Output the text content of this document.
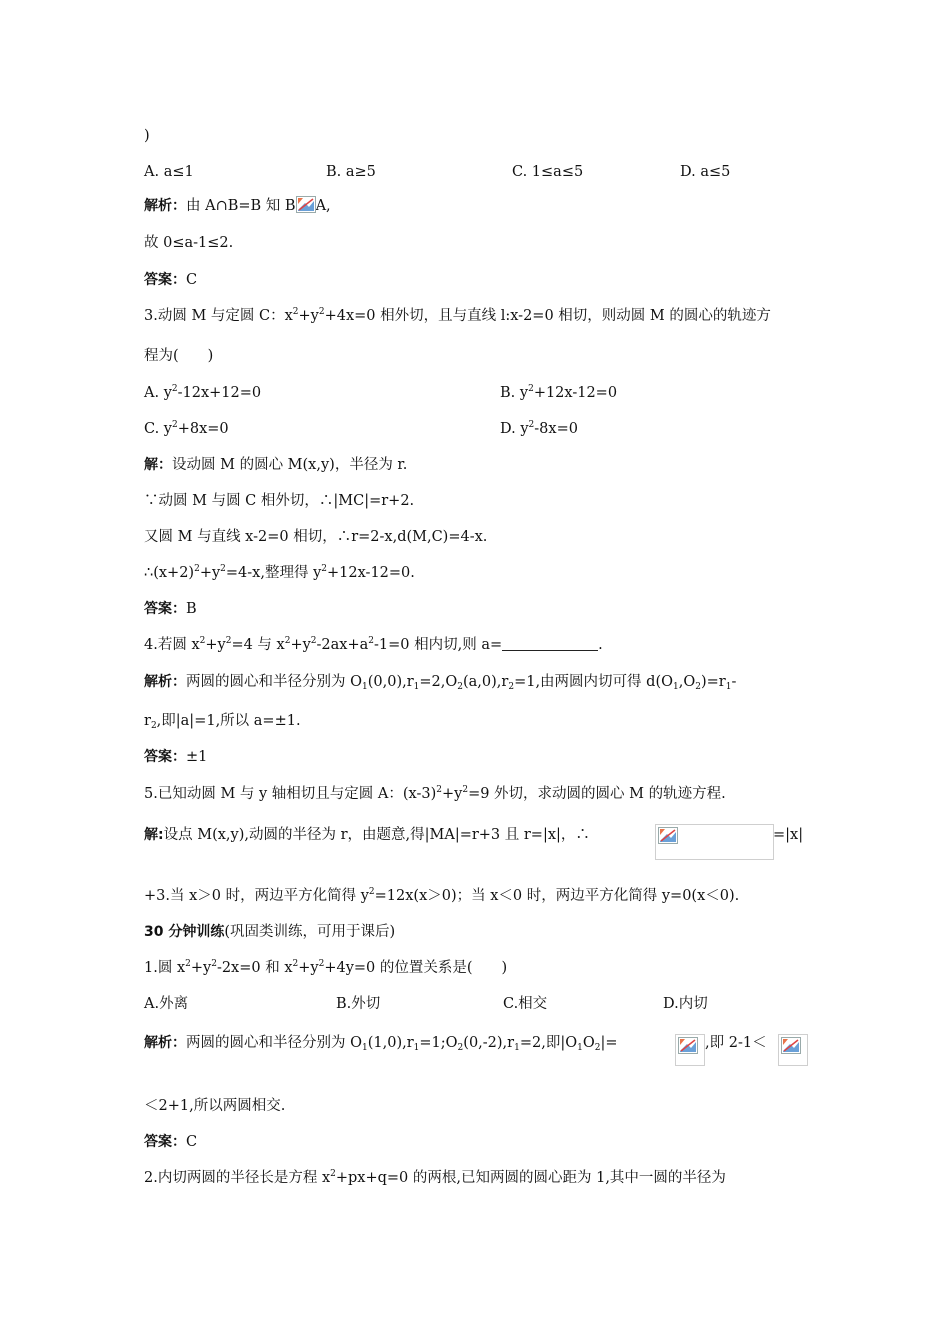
)
A. a≤1	B. a≥5	C. 1≤a≤5	D. a≤5
解析：由 A∩B=B 知 B A,
故 0≤a-1≤2.
答案：C
3.动圆 M 与定圆 C：$x^2+y^2+4x=0$ 相外切，且与直线 l:x-2=0 相切，则动圆 M 的圆心的轨迹方
程为(　　)
A. $y^2-12x+12=0$	B. $y^2+12x-12=0$
C. $y^2+8x=0$	D. $y^2-8x=0$
解：设动圆 M 的圆心 M(x,y)，半径为 r.
∵动圆 M 与圆 C 相外切，∴|MC|=r+2.
又圆 M 与直线 x-2=0 相切，∴r=2-x,d(M,C)=4-x.
$\therefore(x+2)^2+y^2=4-x$,整理得 $y^2+12x-12=0$.
答案：B
4.若圆 $x^2+y^2=4$ 与 $x^2+y^2-2ax+a^2-1=0$ 相内切,则 a=	.
解析：两圆的圆心和半径分别为 $O_1(0,0),r_1=2,O_2(a,0),r_2=1$,由两圆内切可得 $d(O_1,O_2)=r_1-$
$r_2$,即|a|=1,所以 a=±1.
答案：±1
5.已知动圆 M 与 y 轴相切且与定圆 A：$(x-3)^2+y^2=9$ 外切，求动圆的圆心 M 的轨迹方程.
解:设点 M(x,y),动圆的半径为 r，由题意,得|MA|=r+3 且 r=|x|，∴	=|x|
+3.当 x＞0 时，两边平方化简得 $y^2=12x(x>0)$；当 x＜0 时，两边平方化简得 y=0(x＜0).
30 分钟训练(巩固类训练，可用于课后)
1.圆 $x^2+y^2-2x=0$ 和 $x^2+y^2+4y=0$ 的位置关系是(　　)
A.外离	B.外切	C.相交	D.内切
解析：两圆的圆心和半径分别为 $O_1(1,0),r_1=1;O_2(0,-2),r_1=2$,即$|O_1O_2|=$	,即 2-1＜
＜2+1,所以两圆相交.
答案：C
2.内切两圆的半径长是方程 $x^2+px+q=0$ 的两根,已知两圆的圆心距为 1,其中一圆的半径为
